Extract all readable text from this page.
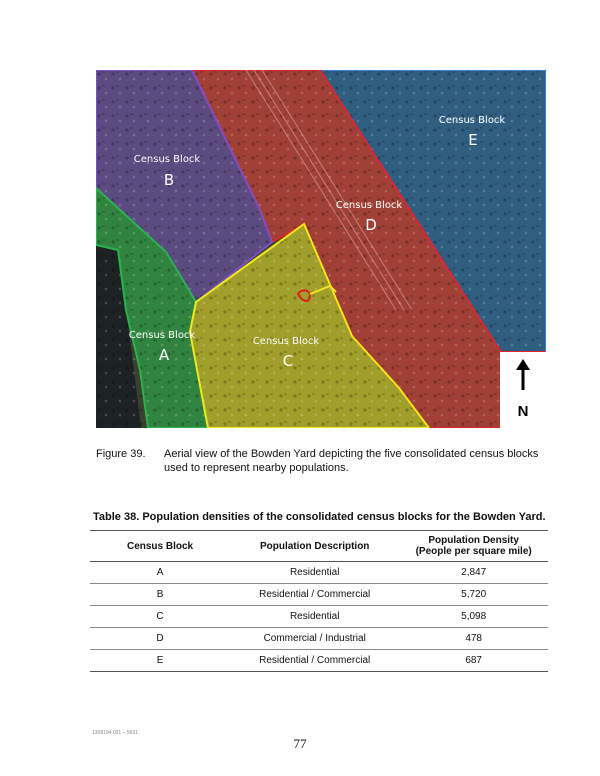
Census Block
B
Census Block
D
Census Block
E
Census Block
A
Census Block
C
N
Figure 39.	Aerial view of the Bowden Yard depicting the five consolidated census blocks used to represent nearby populations.
Table 38. Population densities of the consolidated census blocks for the Bowden Yard.
Census Block	Population Description	Population Density
(People per square mile)

A	Residential	2,847
B	Residential / Commercial	5,720
C	Residential	5,098
D	Commercial / Industrial	478
E	Residential / Commercial	687
1308194.001 – 5691
77
